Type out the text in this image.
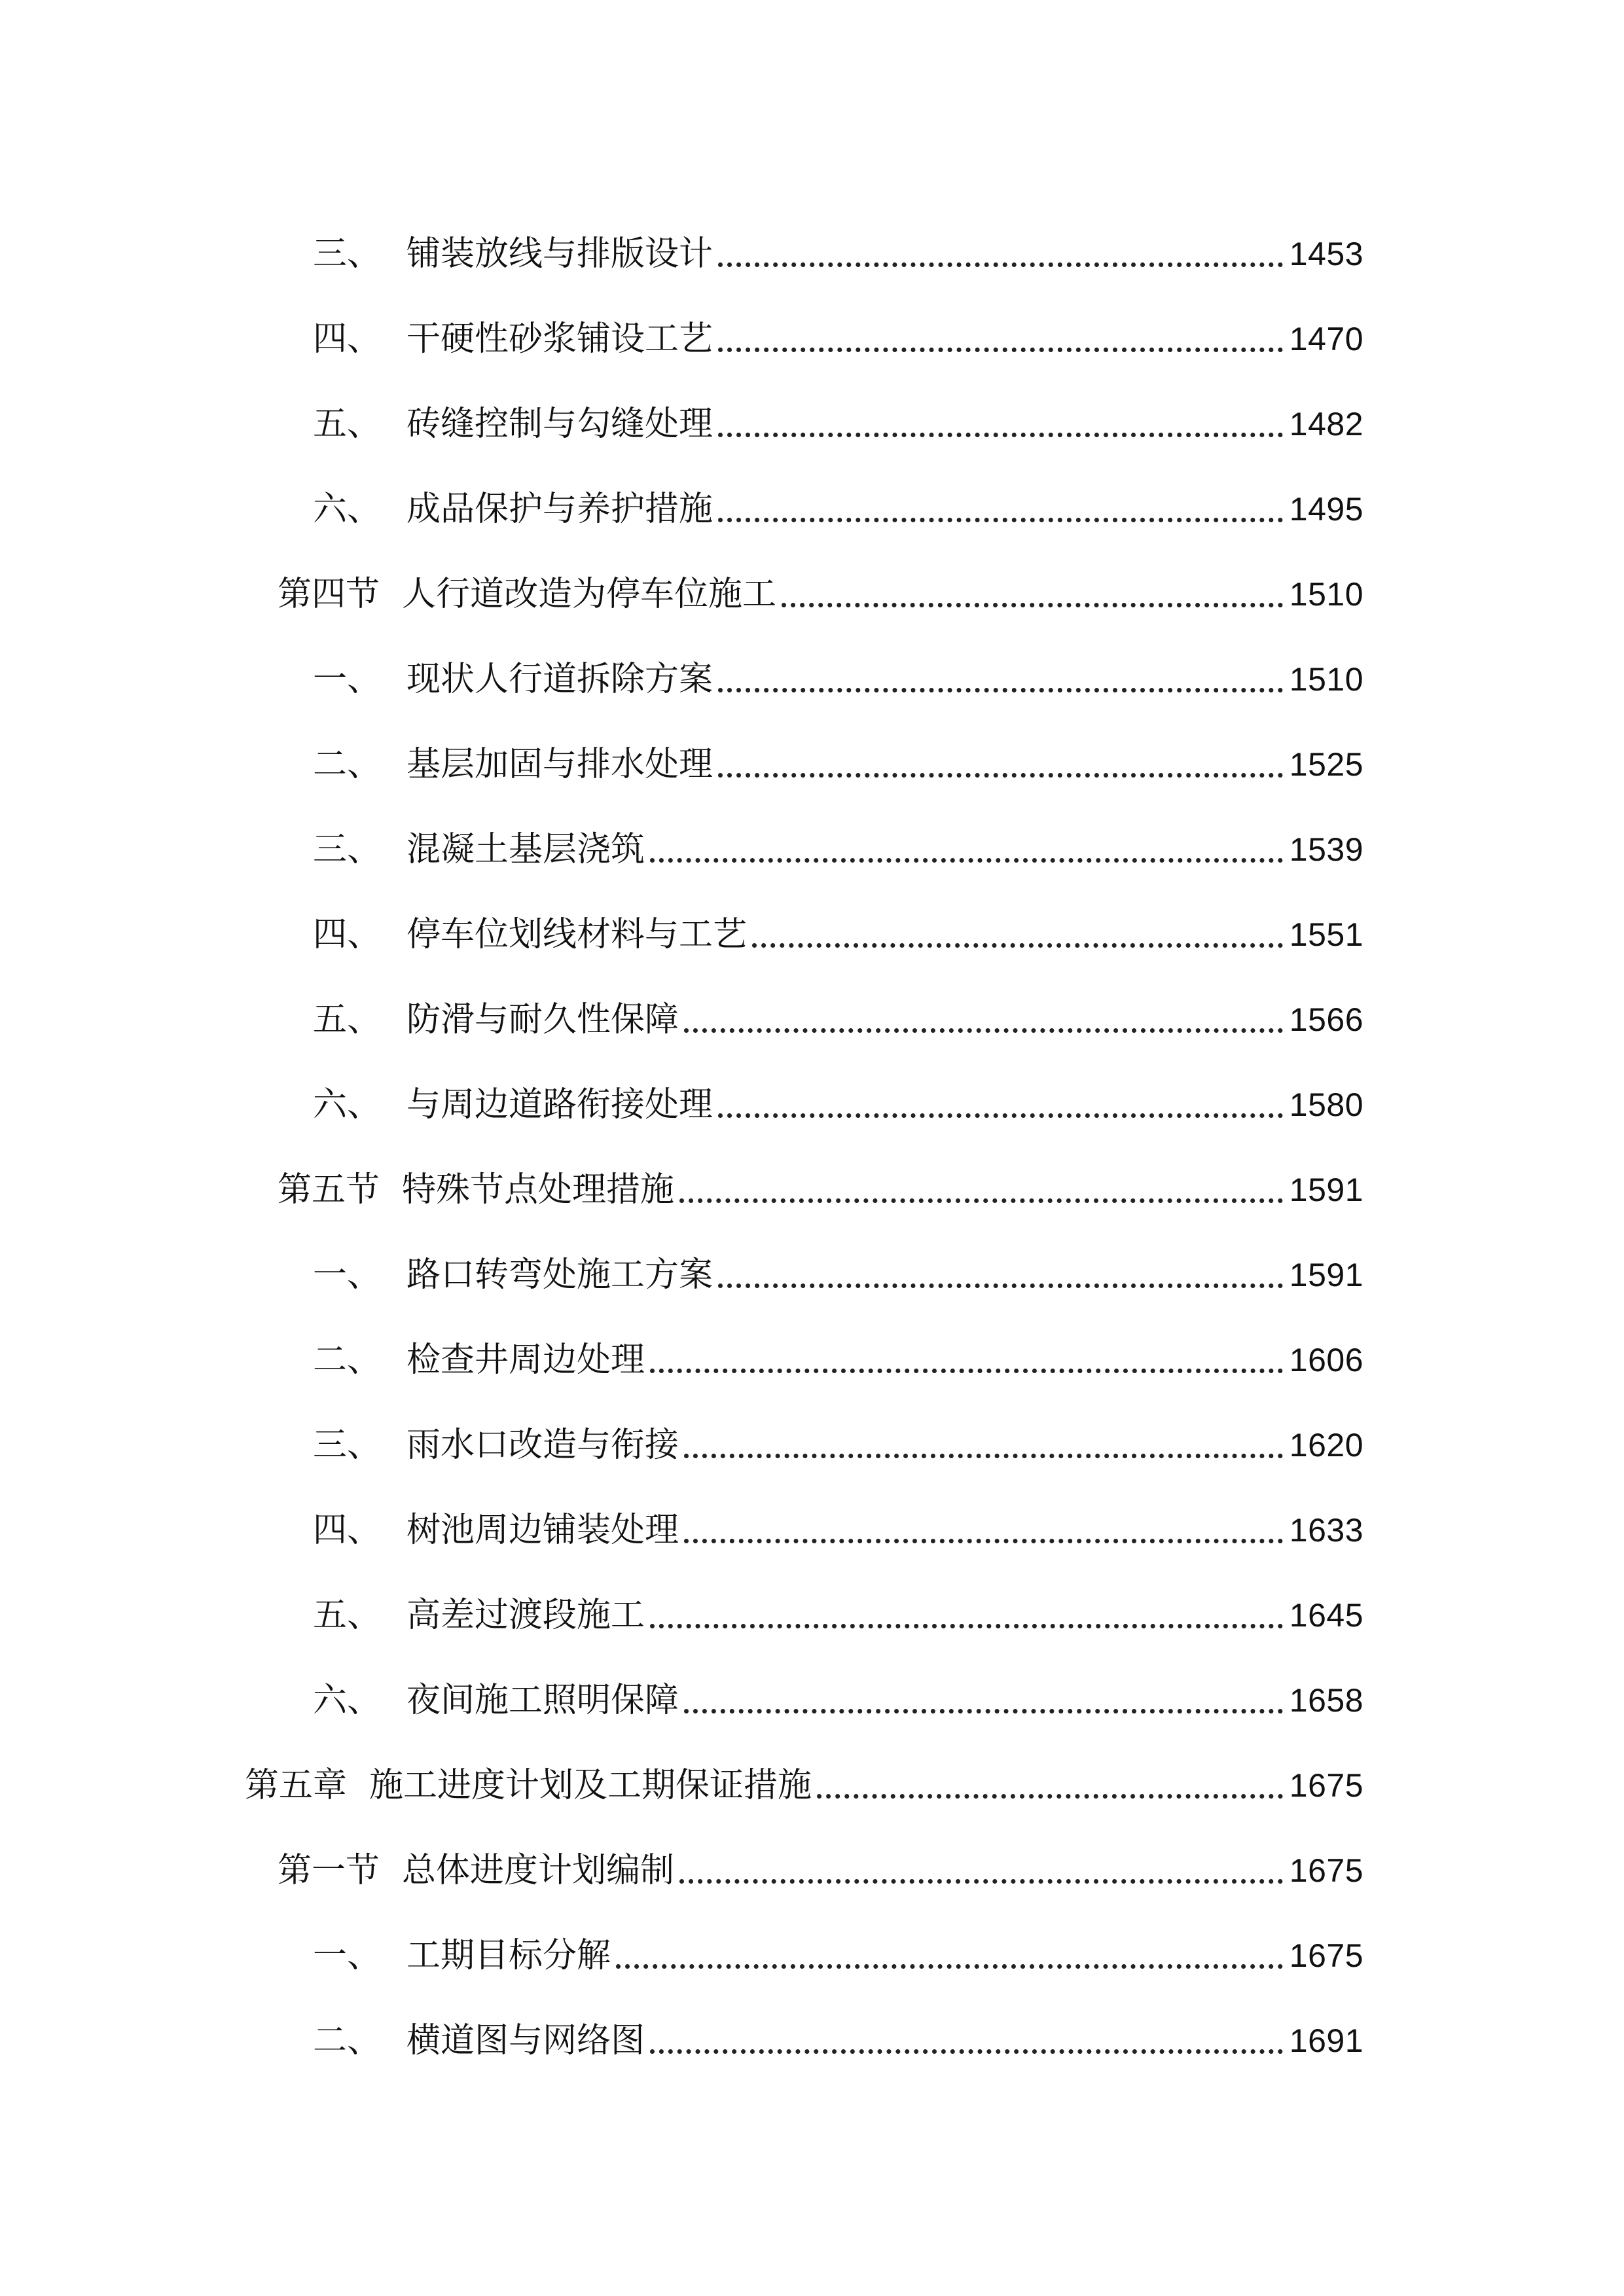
三、 铺装放线与排版设计	1453
四、 干硬性砂浆铺设工艺	1470
五、 砖缝控制与勾缝处理	1482
六、 成品保护与养护措施	1495
第四节 人行道改造为停车位施工	1510
一、 现状人行道拆除方案	1510
二、 基层加固与排水处理	1525
三、 混凝土基层浇筑	1539
四、 停车位划线材料与工艺	1551
五、 防滑与耐久性保障	1566
六、 与周边道路衔接处理	1580
第五节 特殊节点处理措施	1591
一、 路口转弯处施工方案	1591
二、 检查井周边处理	1606
三、 雨水口改造与衔接	1620
四、 树池周边铺装处理	1633
五、 高差过渡段施工	1645
六、 夜间施工照明保障	1658
第五章 施工进度计划及工期保证措施	1675
第一节 总体进度计划编制	1675
一、 工期目标分解	1675
二、 横道图与网络图	1691
